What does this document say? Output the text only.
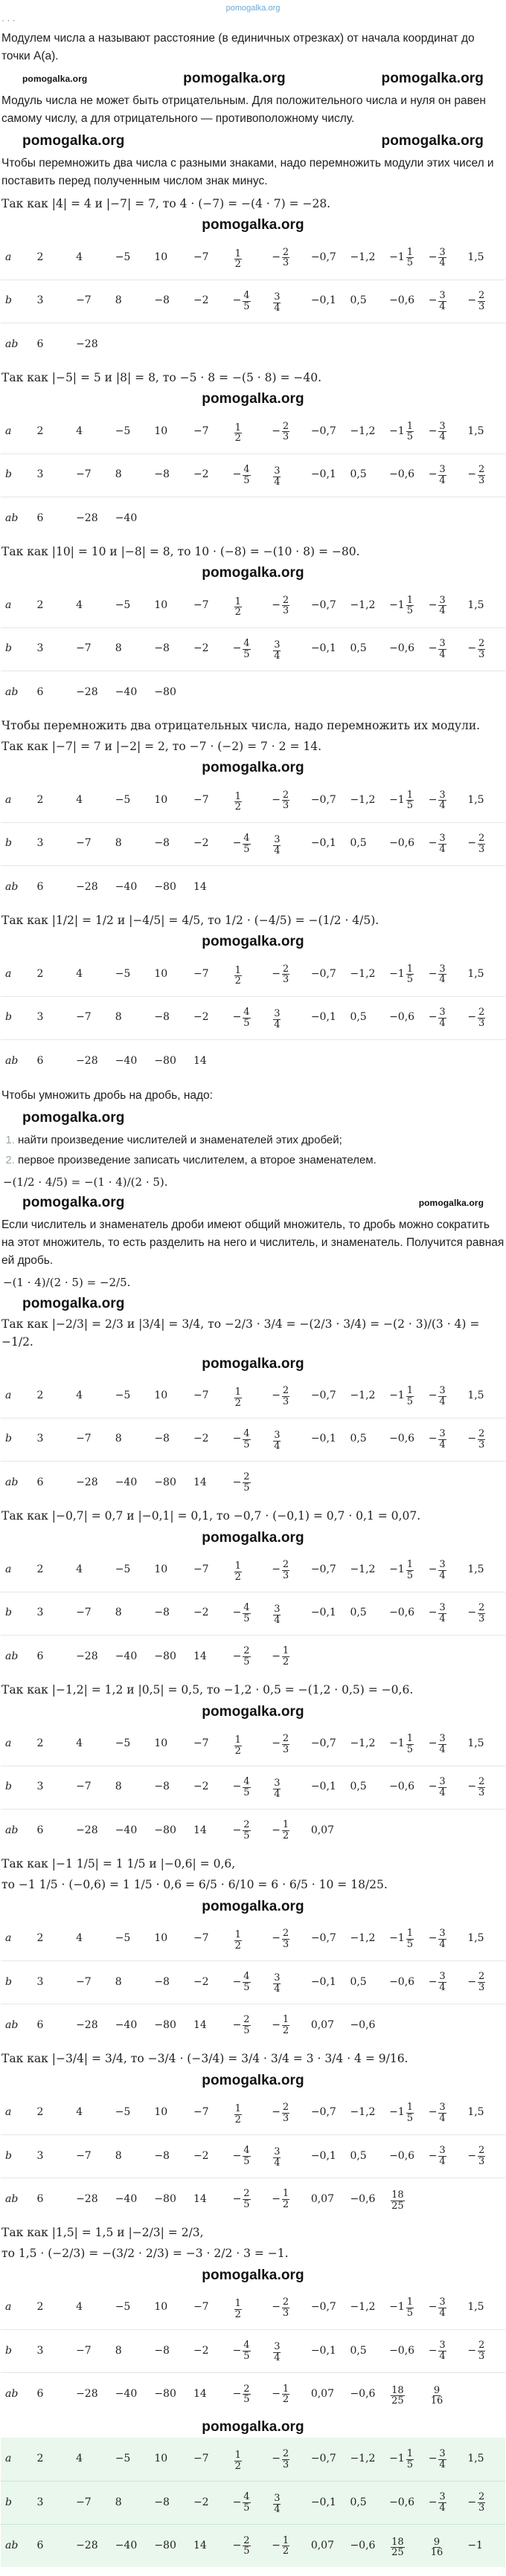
pomogalka.org
· · ·

Модулем числа a называют расстояние (в единичных отрезках) от начала координат до точки A(a).

pomogalka.org	pomogalka.org	pomogalka.org

Модуль числа не может быть отрицательным. Для положительного числа и нуля он равен самому числу, а для отрицательного — противоположному числу.

pomogalka.org	pomogalka.org

Чтобы перемножить два числа с разными знаками, надо перемножить модули этих чисел и поставить перед полученным числом знак минус.

Так как |4| = 4 и |−7| = 7, то 4 · (−7) = −(4 · 7) = −28.
pomogalka.org
a	2	4	−5	10	−7	$\frac{1}{2}$	− $\frac{2}{3}$	−0,7	−1,2	$-1 \frac{1}{5}$	− $\frac{3}{4}$	1,5
b	3	−7	8	−8	−2	− $\frac{4}{5}$	$\frac{3}{4}$	−0,1	0,5	−0,6	− $\frac{3}{4}$	− $\frac{2}{3}$

ab	6	−28										
Так как |−5| = 5 и |8| = 8, то −5 · 8 = −(5 · 8) = −40.
pomogalka.org
a	2	4	−5	10	−7	$\frac{1}{2}$	− $\frac{2}{3}$	−0,7	−1,2	$-1 \frac{1}{5}$	− $\frac{3}{4}$	1,5
b	3	−7	8	−8	−2	− $\frac{4}{5}$	$\frac{3}{4}$	−0,1	0,5	−0,6	− $\frac{3}{4}$	− $\frac{2}{3}$

ab	6	−28	−40									
Так как |10| = 10 и |−8| = 8, то 10 · (−8) = −(10 · 8) = −80.
pomogalka.org
a	2	4	−5	10	−7	$\frac{1}{2}$	− $\frac{2}{3}$	−0,7	−1,2	$-1 \frac{1}{5}$	− $\frac{3}{4}$	1,5
b	3	−7	8	−8	−2	− $\frac{4}{5}$	$\frac{3}{4}$	−0,1	0,5	−0,6	− $\frac{3}{4}$	− $\frac{2}{3}$

ab	6	−28	−40	−80								
Чтобы перемножить два отрицательных числа, надо перемножить их модули.
Так как |−7| = 7 и |−2| = 2, то −7 · (−2) = 7 · 2 = 14.
pomogalka.org
a	2	4	−5	10	−7	$\frac{1}{2}$	− $\frac{2}{3}$	−0,7	−1,2	$-1 \frac{1}{5}$	− $\frac{3}{4}$	1,5
b	3	−7	8	−8	−2	− $\frac{4}{5}$	$\frac{3}{4}$	−0,1	0,5	−0,6	− $\frac{3}{4}$	− $\frac{2}{3}$

ab	6	−28	−40	−80	14							
Так как |1/2| = 1/2 и |−4/5| = 4/5, то 1/2 · (−4/5) = −(1/2 · 4/5).
pomogalka.org
a	2	4	−5	10	−7	$\frac{1}{2}$	− $\frac{2}{3}$	−0,7	−1,2	$-1 \frac{1}{5}$	− $\frac{3}{4}$	1,5
b	3	−7	8	−8	−2	− $\frac{4}{5}$	$\frac{3}{4}$	−0,1	0,5	−0,6	− $\frac{3}{4}$	− $\frac{2}{3}$

ab	6	−28	−40	−80	14							

Чтобы умножить дробь на дробь, надо:

pomogalka.org
1. найти произведение числителей и знаменателей этих дробей;
2. первое произведение записать числителем, а второе знаменателем.
−(1/2 · 4/5) = −(1 · 4)/(2 · 5).
pomogalka.org	pomogalka.org

Если числитель и знаменатель дроби имеют общий множитель, то дробь можно сократить на этот множитель, то есть разделить на него и числитель, и знаменатель. Получится равная ей дробь.

−(1 · 4)/(2 · 5) = −2/5.
pomogalka.org
Так как |−2/3| = 2/3 и |3/4| = 3/4, то −2/3 · 3/4 = −(2/3 · 3/4) = −(2 · 3)/(3 · 4) = −1/2.
pomogalka.org
a	2	4	−5	10	−7	$\frac{1}{2}$	− $\frac{2}{3}$	−0,7	−1,2	$-1 \frac{1}{5}$	− $\frac{3}{4}$	1,5
b	3	−7	8	−8	−2	− $\frac{4}{5}$	$\frac{3}{4}$	−0,1	0,5	−0,6	− $\frac{3}{4}$	− $\frac{2}{3}$

ab	6	−28	−40	−80	14	− $\frac{2}{5}$

Так как |−0,7| = 0,7 и |−0,1| = 0,1, то −0,7 · (−0,1) = 0,7 · 0,1 = 0,07.
pomogalka.org
a	2	4	−5	10	−7	$\frac{1}{2}$	− $\frac{2}{3}$	−0,7	−1,2	$-1 \frac{1}{5}$	− $\frac{3}{4}$	1,5
b	3	−7	8	−8	−2	− $\frac{4}{5}$	$\frac{3}{4}$	−0,1	0,5	−0,6	− $\frac{3}{4}$	− $\frac{2}{3}$

ab	6	−28	−40	−80	14	− $\frac{2}{5}$	− $\frac{1}{2}$

Так как |−1,2| = 1,2 и |0,5| = 0,5, то −1,2 · 0,5 = −(1,2 · 0,5) = −0,6.
pomogalka.org
a	2	4	−5	10	−7	$\frac{1}{2}$	− $\frac{2}{3}$	−0,7	−1,2	$-1 \frac{1}{5}$	− $\frac{3}{4}$	1,5
b	3	−7	8	−8	−2	− $\frac{4}{5}$	$\frac{3}{4}$	−0,1	0,5	−0,6	− $\frac{3}{4}$	− $\frac{2}{3}$

ab	6	−28	−40	−80	14	− $\frac{2}{5}$	− $\frac{1}{2}$	0,07				
Так как |−1 1/5| = 1 1/5 и |−0,6| = 0,6,
то −1 1/5 · (−0,6) = 1 1/5 · 0,6 = 6/5 · 6/10 = 6 · 6/5 · 10 = 18/25.
pomogalka.org
a	2	4	−5	10	−7	$\frac{1}{2}$	− $\frac{2}{3}$	−0,7	−1,2	$-1 \frac{1}{5}$	− $\frac{3}{4}$	1,5
b	3	−7	8	−8	−2	− $\frac{4}{5}$	$\frac{3}{4}$	−0,1	0,5	−0,6	− $\frac{3}{4}$	− $\frac{2}{3}$

ab	6	−28	−40	−80	14	− $\frac{2}{5}$	− $\frac{1}{2}$	0,07	−0,6			
Так как |−3/4| = 3/4, то −3/4 · (−3/4) = 3/4 · 3/4 = 3 · 3/4 · 4 = 9/16.
pomogalka.org
a	2	4	−5	10	−7	$\frac{1}{2}$	− $\frac{2}{3}$	−0,7	−1,2	$-1 \frac{1}{5}$	− $\frac{3}{4}$	1,5
b	3	−7	8	−8	−2	− $\frac{4}{5}$	$\frac{3}{4}$	−0,1	0,5	−0,6	− $\frac{3}{4}$	− $\frac{2}{3}$

ab	6	−28	−40	−80	14	− $\frac{2}{5}$	− $\frac{1}{2}$	0,07	−0,6	$\frac{18}{25}$

Так как |1,5| = 1,5 и |−2/3| = 2/3,
то 1,5 · (−2/3) = −(3/2 · 2/3) = −3 · 2/2 · 3 = −1.
pomogalka.org
a	2	4	−5	10	−7	$\frac{1}{2}$	− $\frac{2}{3}$	−0,7	−1,2	$-1 \frac{1}{5}$	− $\frac{3}{4}$	1,5
b	3	−7	8	−8	−2	− $\frac{4}{5}$	$\frac{3}{4}$	−0,1	0,5	−0,6	− $\frac{3}{4}$	− $\frac{2}{3}$

ab	6	−28	−40	−80	14	− $\frac{2}{5}$	− $\frac{1}{2}$	0,07	−0,6	$\frac{18}{25}$	$\frac{9}{16}$

pomogalka.org
a	2	4	−5	10	−7	$\frac{1}{2}$	− $\frac{2}{3}$	−0,7	−1,2	$-1 \frac{1}{5}$	− $\frac{3}{4}$	1,5
b	3	−7	8	−8	−2	− $\frac{4}{5}$	$\frac{3}{4}$	−0,1	0,5	−0,6	− $\frac{3}{4}$	− $\frac{2}{3}$

ab	6	−28	−40	−80	14	− $\frac{2}{5}$	− $\frac{1}{2}$	0,07	−0,6	$\frac{18}{25}$	$\frac{9}{16}$	−1
